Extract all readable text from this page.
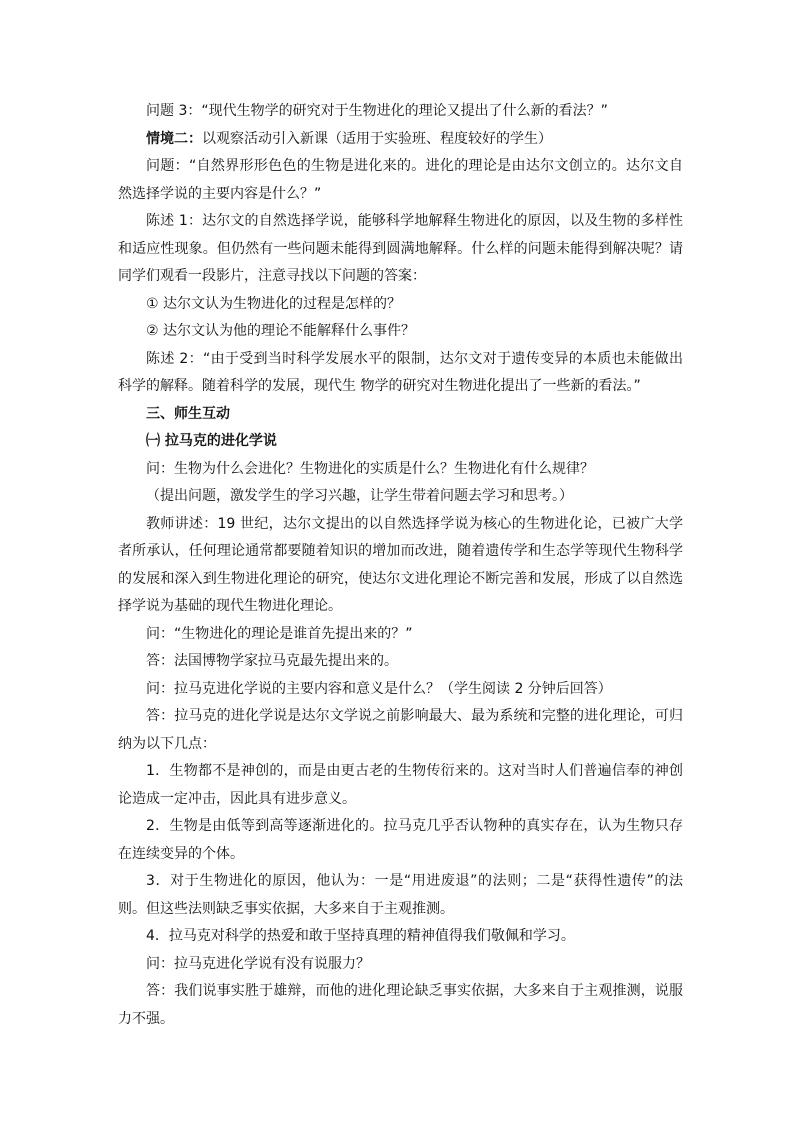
问题 3：“现代生物学的研究对于生物进化的理论又提出了什么新的看法？”

情境二：以观察活动引入新课（适用于实验班、程度较好的学生）

问题：“自然界形形色色的生物是进化来的。进化的理论是由达尔文创立的。达尔文自然选择学说的主要内容是什么？”

陈述 1：达尔文的自然选择学说，能够科学地解释生物进化的原因，以及生物的多样性和适应性现象。但仍然有一些问题未能得到圆满地解释。什么样的问题未能得到解决呢？请同学们观看一段影片，注意寻找以下问题的答案：

① 达尔文认为生物进化的过程是怎样的？

② 达尔文认为他的理论不能解释什么事件？

陈述 2：“由于受到当时科学发展水平的限制，达尔文对于遗传变异的本质也未能做出科学的解释。随着科学的发展，现代生 物学的研究对生物进化提出了一些新的看法。”

三、师生互动

㈠ 拉马克的进化学说

问：生物为什么会进化？生物进化的实质是什么？生物进化有什么规律？

（提出问题，激发学生的学习兴趣，让学生带着问题去学习和思考。）

教师讲述：19 世纪，达尔文提出的以自然选择学说为核心的生物进化论，已被广大学者所承认，任何理论通常都要随着知识的增加而改进，随着遗传学和生态学等现代生物科学的发展和深入到生物进化理论的研究，使达尔文进化理论不断完善和发展，形成了以自然选择学说为基础的现代生物进化理论。

问：“生物进化的理论是谁首先提出来的？”

答：法国博物学家拉马克最先提出来的。

问：拉马克进化学说的主要内容和意义是什么？（学生阅读 2 分钟后回答）

答：拉马克的进化学说是达尔文学说之前影响最大、最为系统和完整的进化理论，可归纳为以下几点：

1．生物都不是神创的，而是由更古老的生物传衍来的。这对当时人们普遍信奉的神创论造成一定冲击，因此具有进步意义。

2．生物是由低等到高等逐渐进化的。拉马克几乎否认物种的真实存在，认为生物只存在连续变异的个体。

3．对于生物进化的原因，他认为：一是“用进废退”的法则；二是“获得性遗传”的法则。但这些法则缺乏事实依据，大多来自于主观推测。

4．拉马克对科学的热爱和敢于坚持真理的精神值得我们敬佩和学习。

问：拉马克进化学说有没有说服力？

答：我们说事实胜于雄辩，而他的进化理论缺乏事实依据，大多来自于主观推测，说服力不强。
